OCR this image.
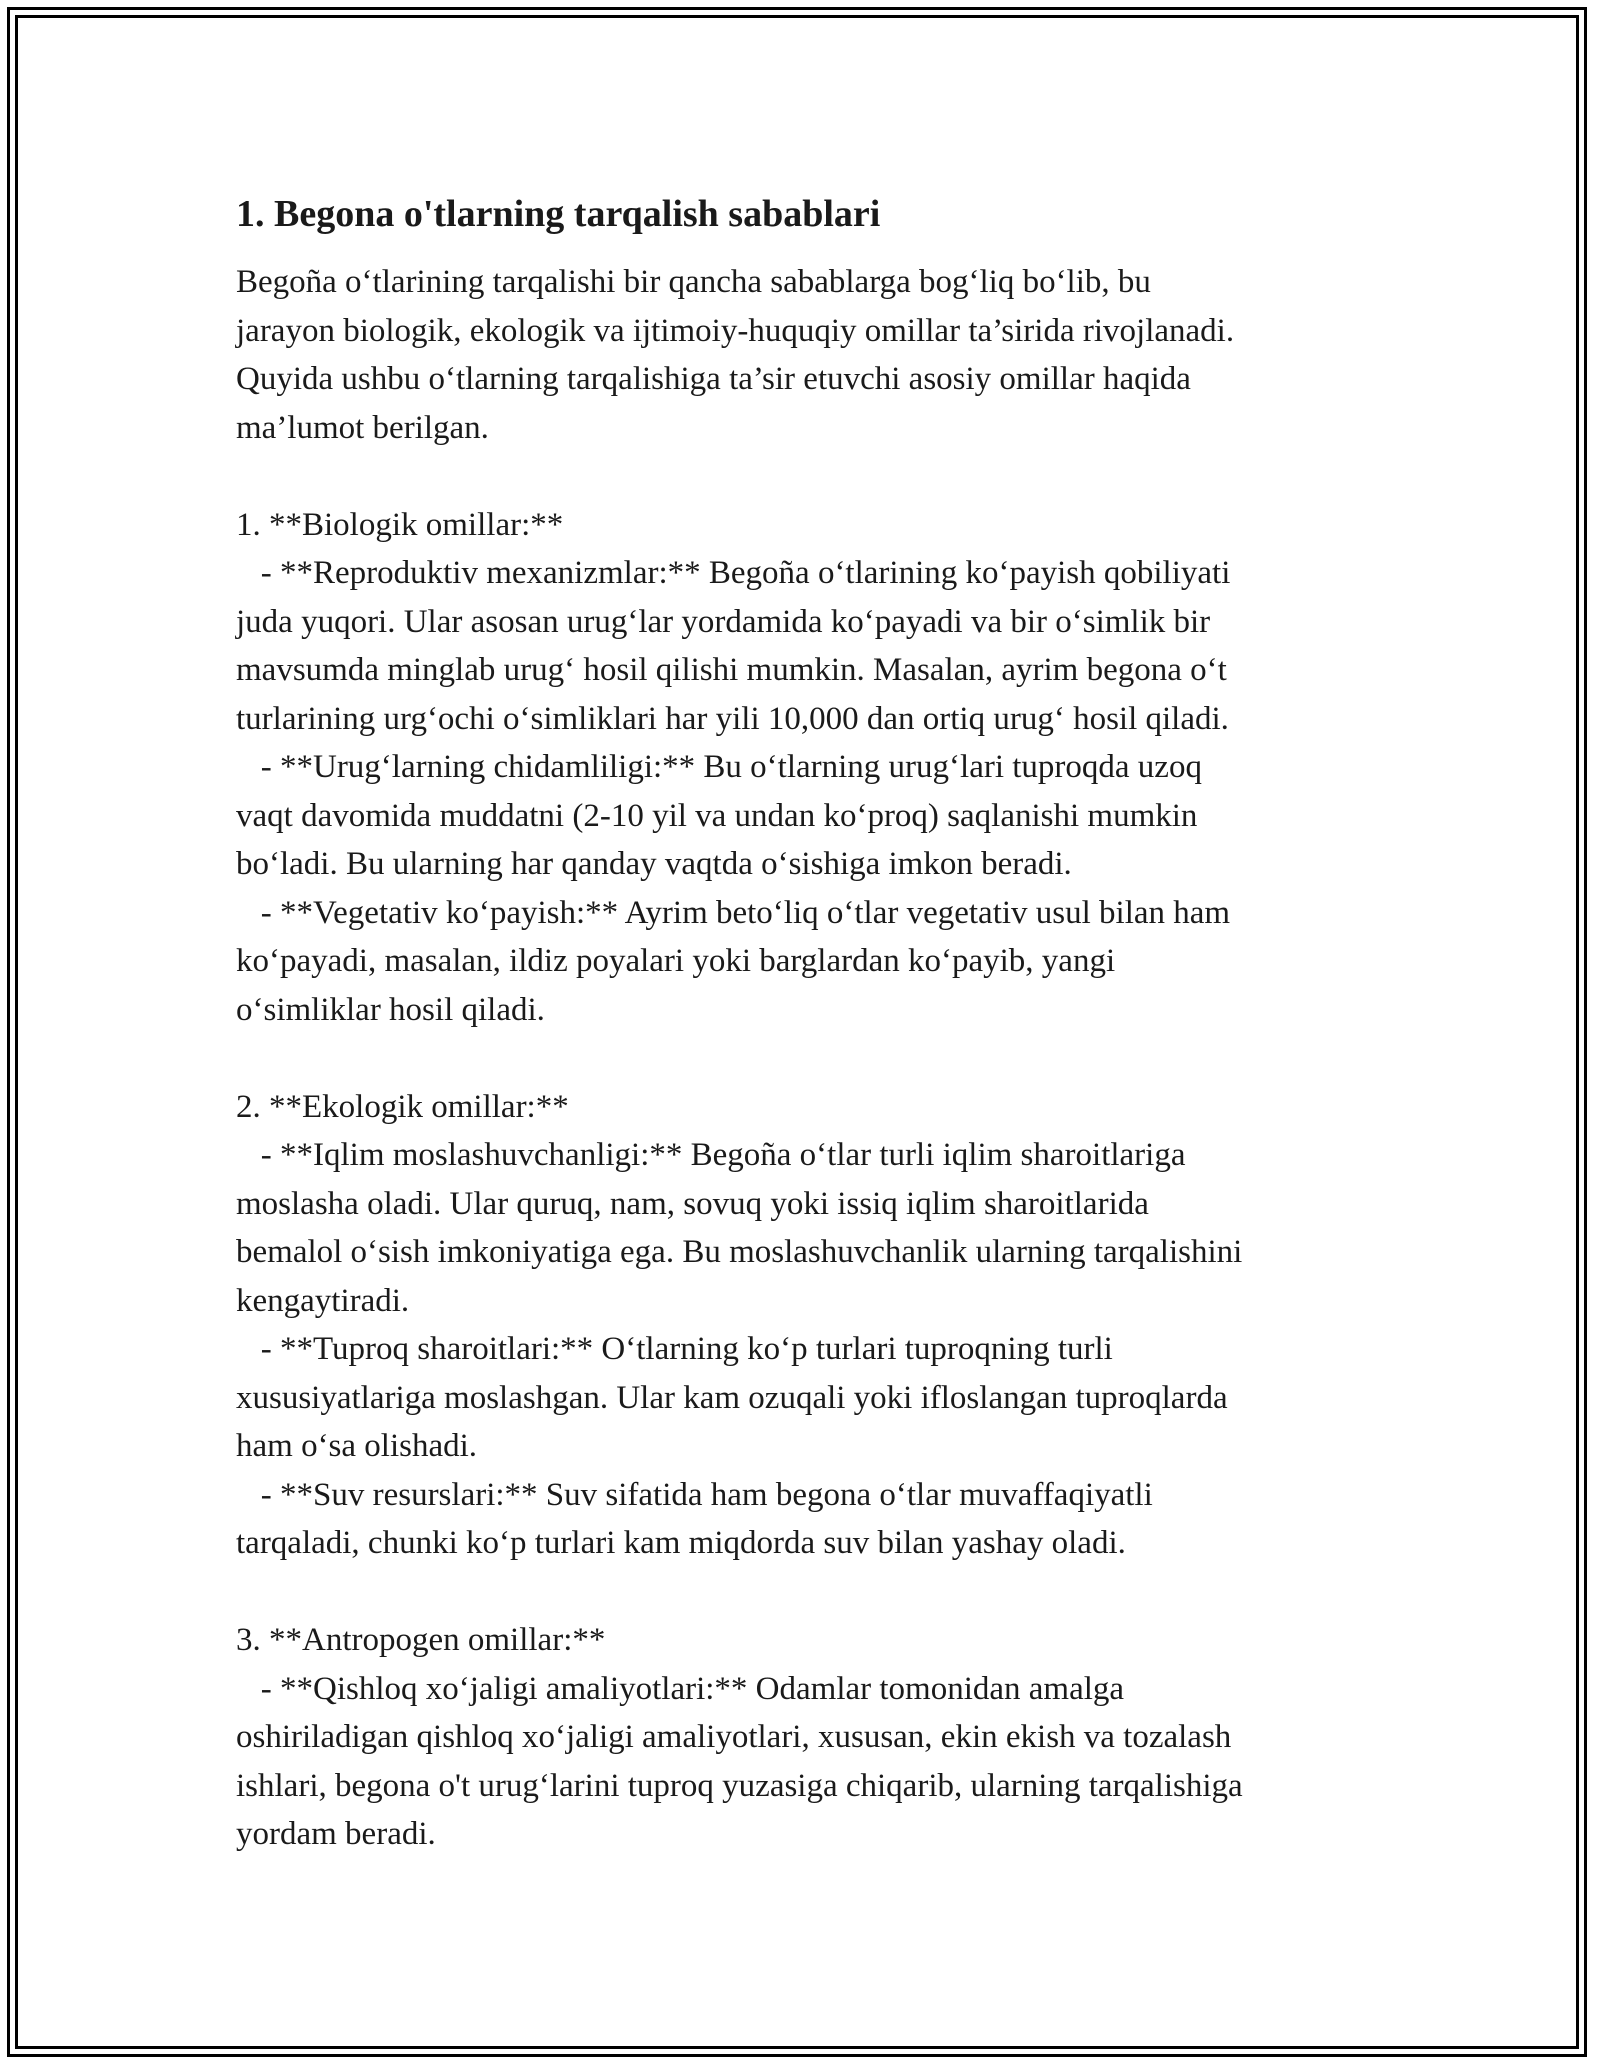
1. Begona o'tlarning tarqalish sabablari

Begoña o‘tlarining tarqalishi bir qancha sabablarga bog‘liq bo‘lib, bu

jarayon biologik, ekologik va ijtimoiy-huquqiy omillar ta’sirida rivojlanadi.

Quyida ushbu o‘tlarning tarqalishiga ta’sir etuvchi asosiy omillar haqida

ma’lumot berilgan.

1. **Biologik omillar:**

- **Reproduktiv mexanizmlar:** Begoña o‘tlarining ko‘payish qobiliyati

juda yuqori. Ular asosan urug‘lar yordamida ko‘payadi va bir o‘simlik bir

mavsumda minglab urug‘ hosil qilishi mumkin. Masalan, ayrim begona o‘t

turlarining urg‘ochi o‘simliklari har yili 10,000 dan ortiq urug‘ hosil qiladi.

- **Urug‘larning chidamliligi:** Bu o‘tlarning urug‘lari tuproqda uzoq

vaqt davomida muddatni (2-10 yil va undan ko‘proq) saqlanishi mumkin

bo‘ladi. Bu ularning har qanday vaqtda o‘sishiga imkon beradi.

- **Vegetativ ko‘payish:** Ayrim beto‘liq o‘tlar vegetativ usul bilan ham

ko‘payadi, masalan, ildiz poyalari yoki barglardan ko‘payib, yangi

o‘simliklar hosil qiladi.

2. **Ekologik omillar:**

- **Iqlim moslashuvchanligi:** Begoña o‘tlar turli iqlim sharoitlariga

moslasha oladi. Ular quruq, nam, sovuq yoki issiq iqlim sharoitlarida

bemalol o‘sish imkoniyatiga ega. Bu moslashuvchanlik ularning tarqalishini

kengaytiradi.

- **Tuproq sharoitlari:** O‘tlarning ko‘p turlari tuproqning turli

xususiyatlariga moslashgan. Ular kam ozuqali yoki ifloslangan tuproqlarda

ham o‘sa olishadi.

- **Suv resurslari:** Suv sifatida ham begona o‘tlar muvaffaqiyatli

tarqaladi, chunki ko‘p turlari kam miqdorda suv bilan yashay oladi.

3. **Antropogen omillar:**

- **Qishloq xo‘jaligi amaliyotlari:** Odamlar tomonidan amalga

oshiriladigan qishloq xo‘jaligi amaliyotlari, xususan, ekin ekish va tozalash

ishlari, begona o't urug‘larini tuproq yuzasiga chiqarib, ularning tarqalishiga

yordam beradi.
